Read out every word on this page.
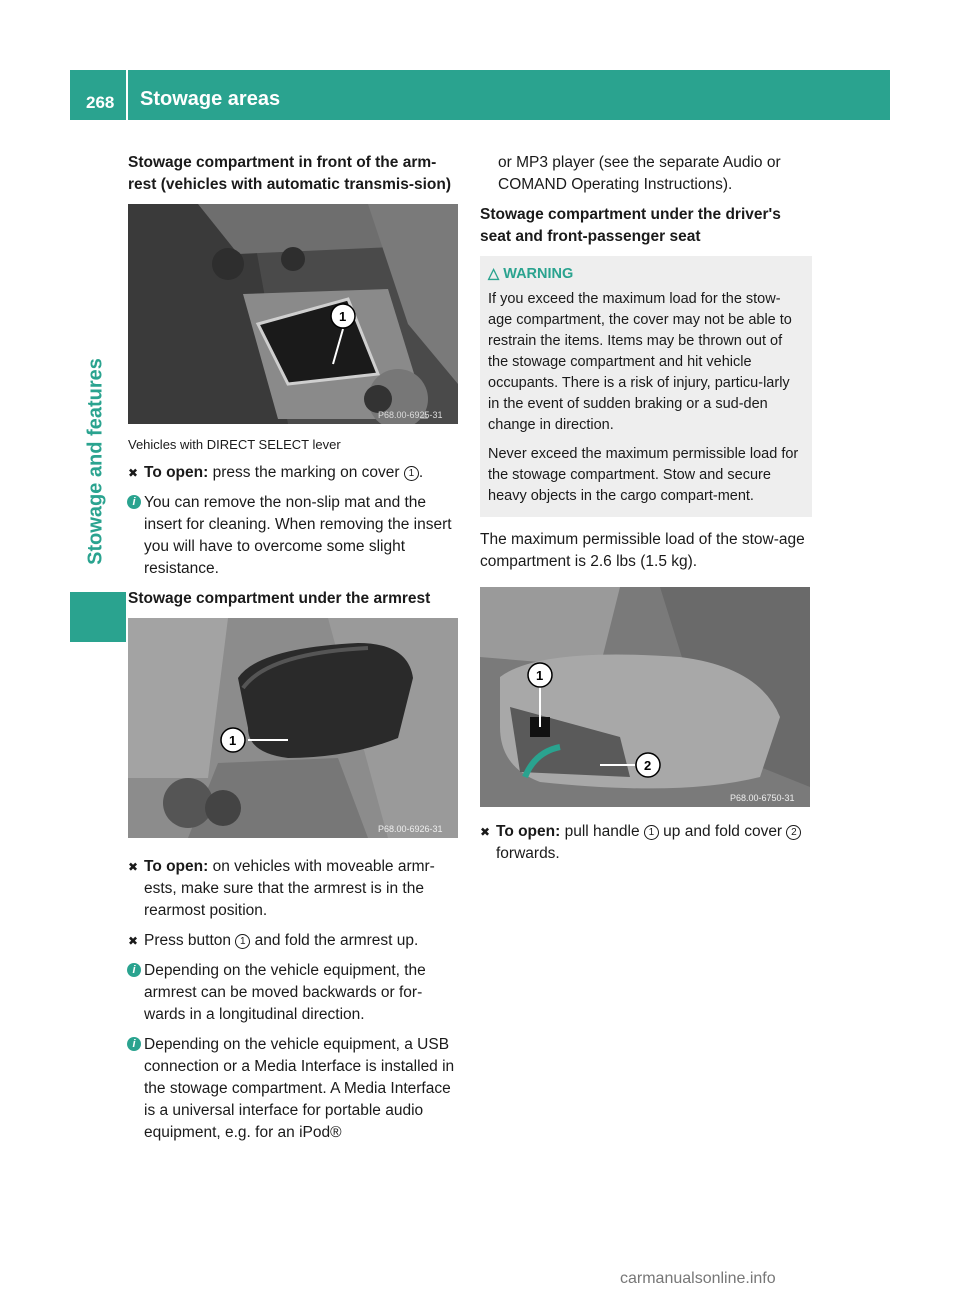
268 Stowage areas
Stowage and features
Stowage compartment in front of the arm-rest (vehicles with automatic transmis-sion)
1
P68.00-6925-31
Vehicles with DIRECT SELECT lever
✖ To open: press the marking on cover 1 .
i You can remove the non-slip mat and the insert for cleaning. When removing the insert you will have to overcome some slight resistance.
Stowage compartment under the armrest
1
P68.00-6926-31
✖ To open: on vehicles with moveable armr-ests, make sure that the armrest is in the rearmost position.
✖ Press button 1 and fold the armrest up.
i Depending on the vehicle equipment, the armrest can be moved backwards or for-wards in a longitudinal direction.
i Depending on the vehicle equipment, a USB connection or a Media Interface is installed in the stowage compartment. A Media Interface is a universal interface for portable audio equipment, e.g. for an iPod®

or MP3 player (see the separate Audio or COMAND Operating Instructions).

Stowage compartment under the driver's seat and front-passenger seat
△ WARNING

If you exceed the maximum load for the stow-age compartment, the cover may not be able to restrain the items. Items may be thrown out of the stowage compartment and hit vehicle occupants. There is a risk of injury, particu-larly in the event of sudden braking or a sud-den change in direction.

Never exceed the maximum permissible load for the stowage compartment. Stow and secure heavy objects in the cargo compart-ment.

The maximum permissible load of the stow-age compartment is 2.6 lbs (1.5 kg).

1
2
P68.00-6750-31
✖ To open: pull handle 1 up and fold cover 2 forwards.
carmanualsonline.info
